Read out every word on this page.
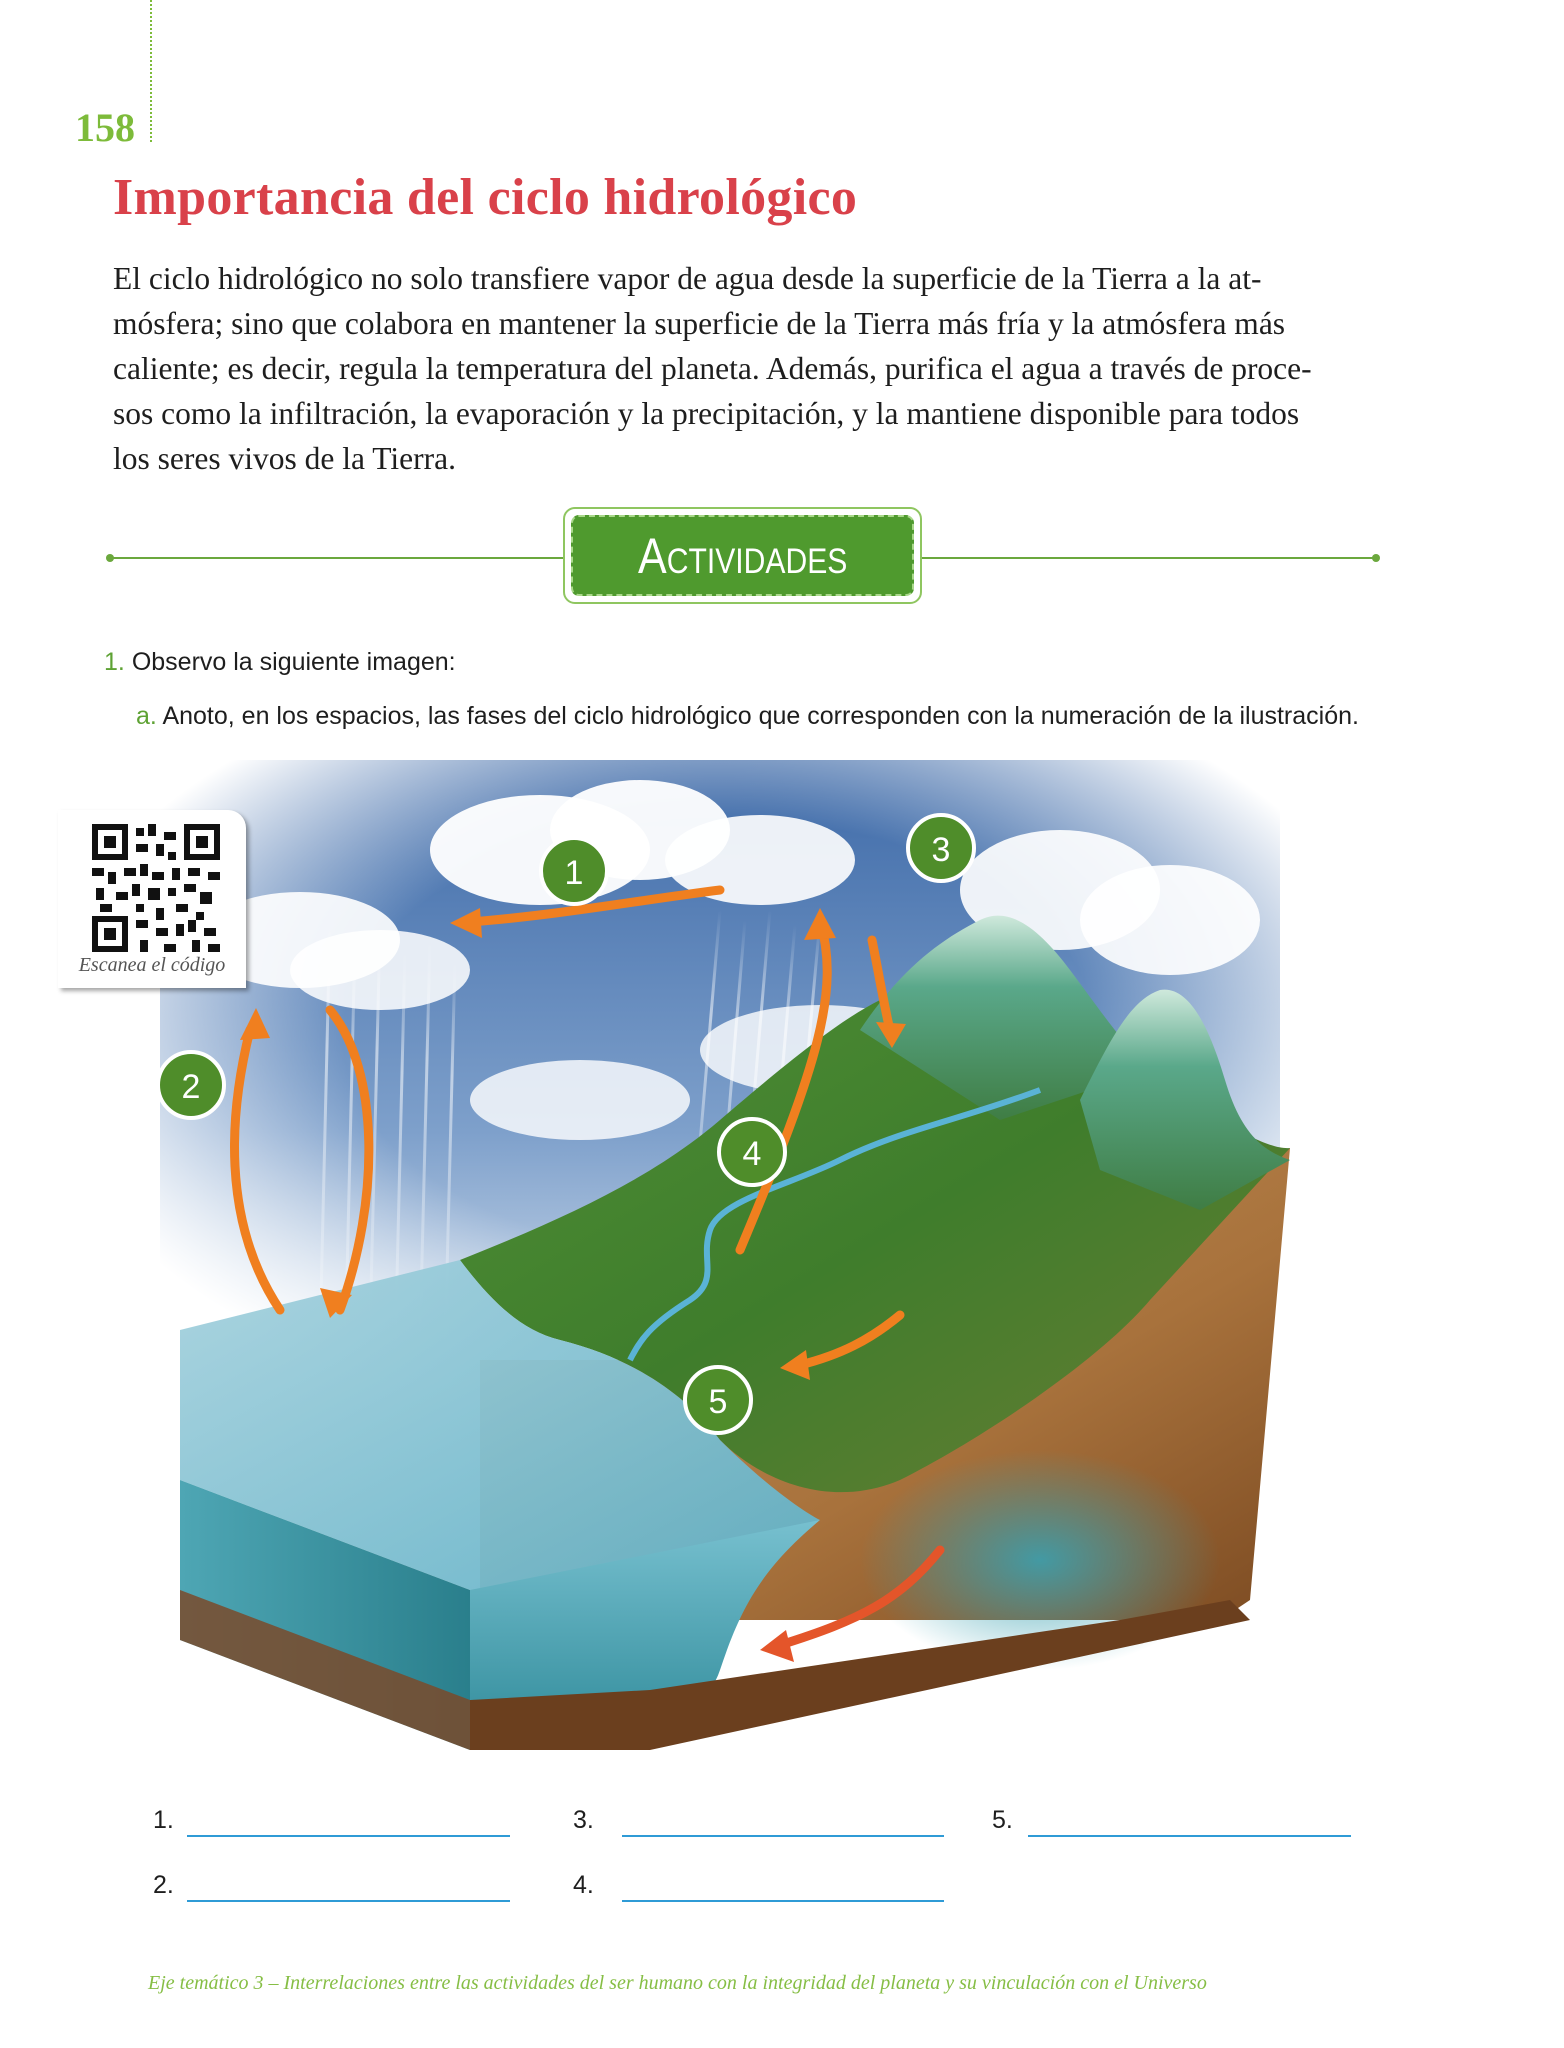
158
Importancia del ciclo hidrológico
El ciclo hidrológico no solo transfiere vapor de agua desde la superficie de la Tierra a la at-
mósfera; sino que colabora en mantener la superficie de la Tierra más fría y la atmósfera más
caliente; es decir, regula la temperatura del planeta. Además, purifica el agua a través de proce-
sos como la infiltración, la evaporación y la precipitación, y la mantiene disponible para todos
los seres vivos de la Tierra.
Actividades
1. Observo la siguiente imagen:
a. Anoto, en los espacios, las fases del ciclo hidrológico que corresponden con la numeración de la ilustración.
1
2
3
4
5
Escanea el código
1.	3.	5.
2.	4.
Eje temático 3 – Interrelaciones entre las actividades del ser humano con la integridad del planeta y su vinculación con el Universo
